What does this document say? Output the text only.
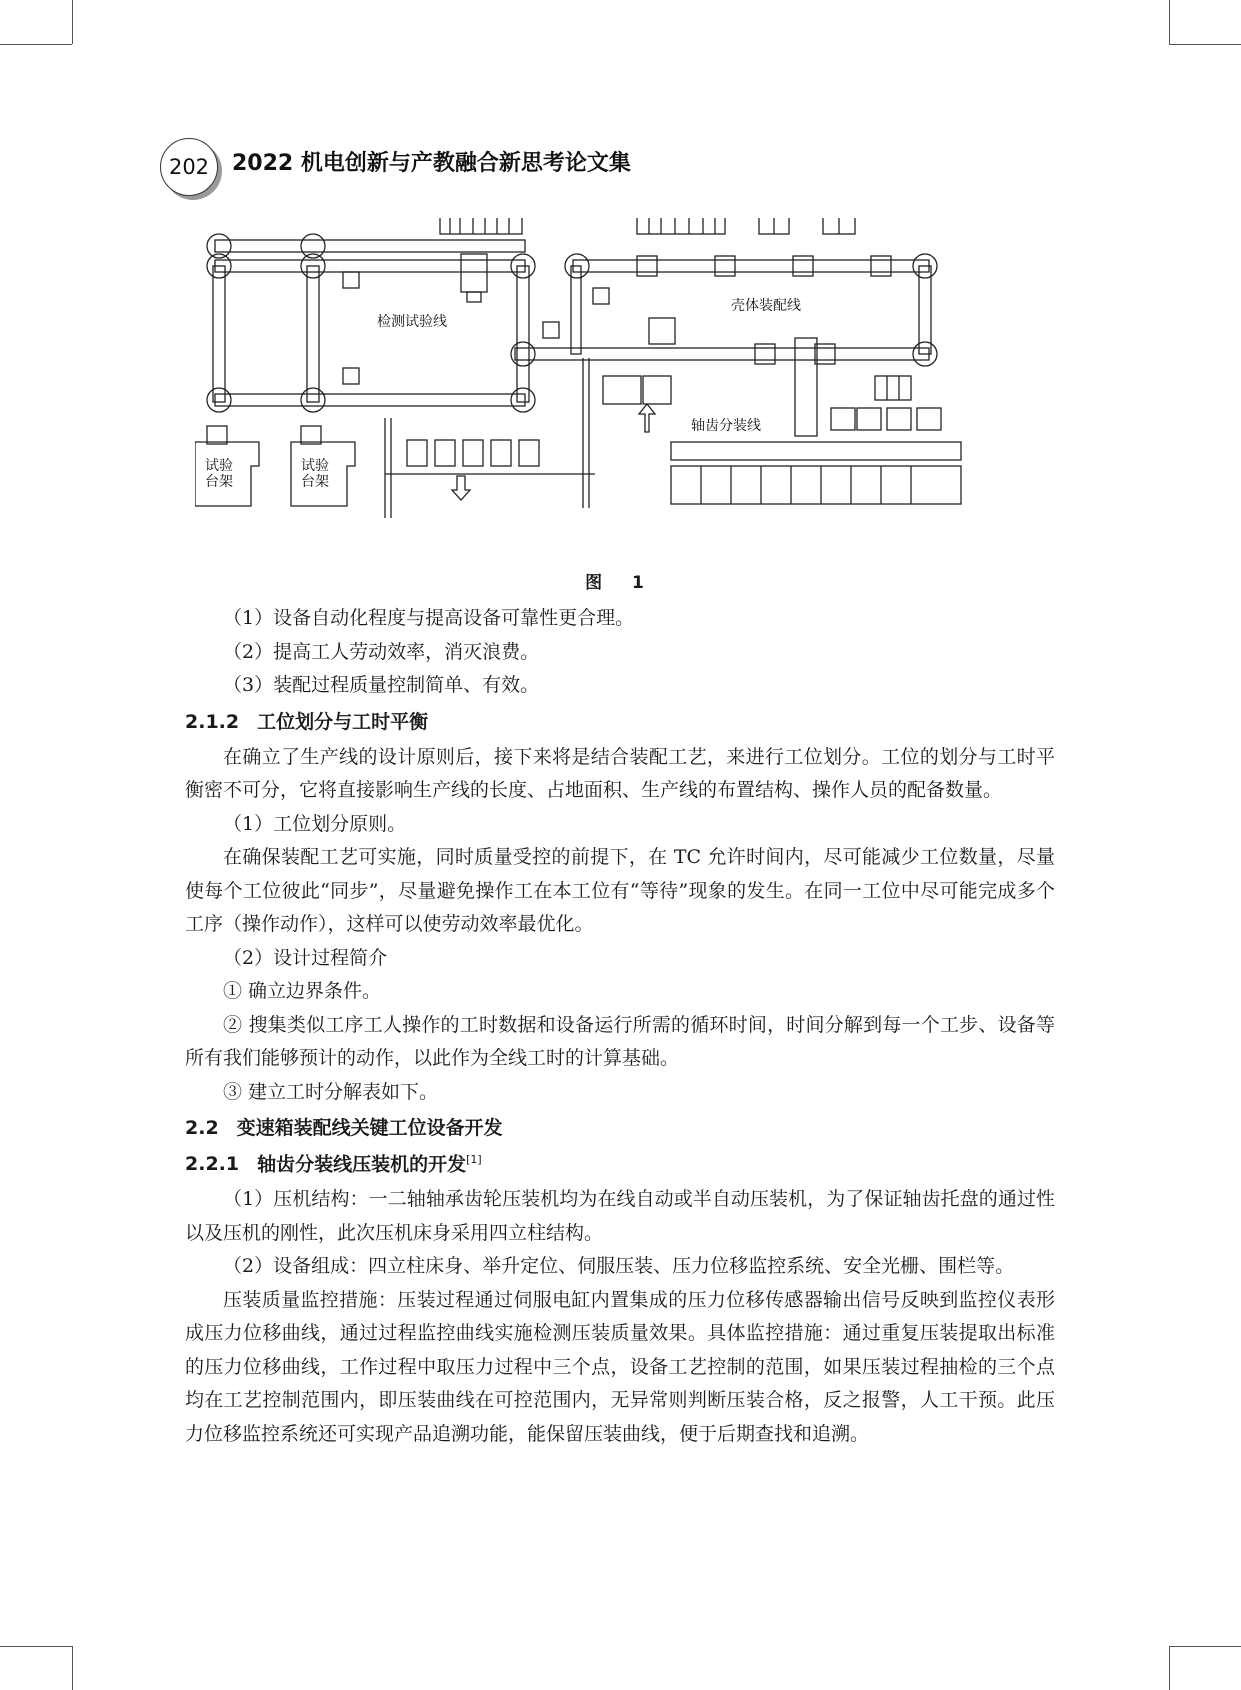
202	2022 机电创新与产教融合新思考论文集
检测试验线
壳体装配线
轴齿分装线
试验
台架
试验
台架
图 1

（1）设备自动化程度与提高设备可靠性更合理。

（2）提高工人劳动效率，消灭浪费。

（3）装配过程质量控制简单、有效。

2.1.2 工位划分与工时平衡

在确立了生产线的设计原则后，接下来将是结合装配工艺，来进行工位划分。工位的划分与工时平衡密不可分，它将直接影响生产线的长度、占地面积、生产线的布置结构、操作人员的配备数量。

（1）工位划分原则。

在确保装配工艺可实施，同时质量受控的前提下，在 TC 允许时间内，尽可能减少工位数量，尽量使每个工位彼此“同步”，尽量避免操作工在本工位有“等待”现象的发生。在同一工位中尽可能完成多个工序（操作动作），这样可以使劳动效率最优化。

（2）设计过程简介

① 确立边界条件。

② 搜集类似工序工人操作的工时数据和设备运行所需的循环时间，时间分解到每一个工步、设备等所有我们能够预计的动作，以此作为全线工时的计算基础。

③ 建立工时分解表如下。

2.2 变速箱装配线关键工位设备开发
2.2.1 轴齿分装线压装机的开发[1]

（1）压机结构：一二轴轴承齿轮压装机均为在线自动或半自动压装机，为了保证轴齿托盘的通过性以及压机的刚性，此次压机床身采用四立柱结构。

（2）设备组成：四立柱床身、举升定位、伺服压装、压力位移监控系统、安全光栅、围栏等。

压装质量监控措施：压装过程通过伺服电缸内置集成的压力位移传感器输出信号反映到监控仪表形成压力位移曲线，通过过程监控曲线实施检测压装质量效果。具体监控措施：通过重复压装提取出标准的压力位移曲线，工作过程中取压力过程中三个点，设备工艺控制的范围，如果压装过程抽检的三个点均在工艺控制范围内，即压装曲线在可控范围内，无异常则判断压装合格，反之报警，人工干预。此压力位移监控系统还可实现产品追溯功能，能保留压装曲线，便于后期查找和追溯。
